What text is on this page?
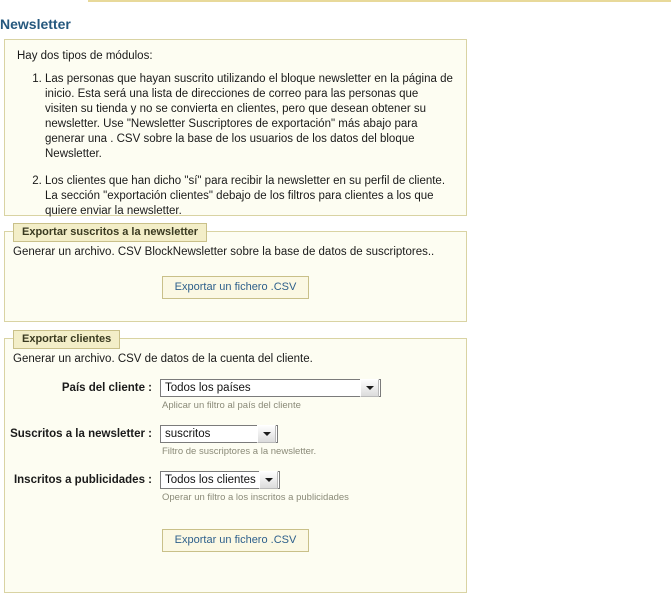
Newsletter

Hay dos tipos de módulos:

1. Las personas que hayan suscrito utilizando el bloque newsletter en la página de inicio. Esta será una lista de direcciones de correo para las personas que visiten su tienda y no se convierta en clientes, pero que desean obtener su newsletter. Use "Newsletter Suscriptores de exportación" más abajo para generar una . CSV sobre la base de los usuarios de los datos del bloque Newsletter.
2. Los clientes que han dicho "sí" para recibir la newsletter en su perfil de cliente. La sección "exportación clientes" debajo de los filtros para clientes a los que quiere enviar la newsletter.
Exportar suscritos a la newsletter

Generar un archivo. CSV BlockNewsletter sobre la base de datos de suscriptores..

Exportar un fichero .CSV
Exportar clientes

Generar un archivo. CSV de datos de la cuenta del cliente.

País del cliente :	Todos los países
Aplicar un filtro al país del cliente
Suscritos a la newsletter :	suscritos
Filtro de suscriptores a la newsletter.
Inscritos a publicidades :	Todos los clientes
Operar un filtro a los inscritos a publicidades
Exportar un fichero .CSV
